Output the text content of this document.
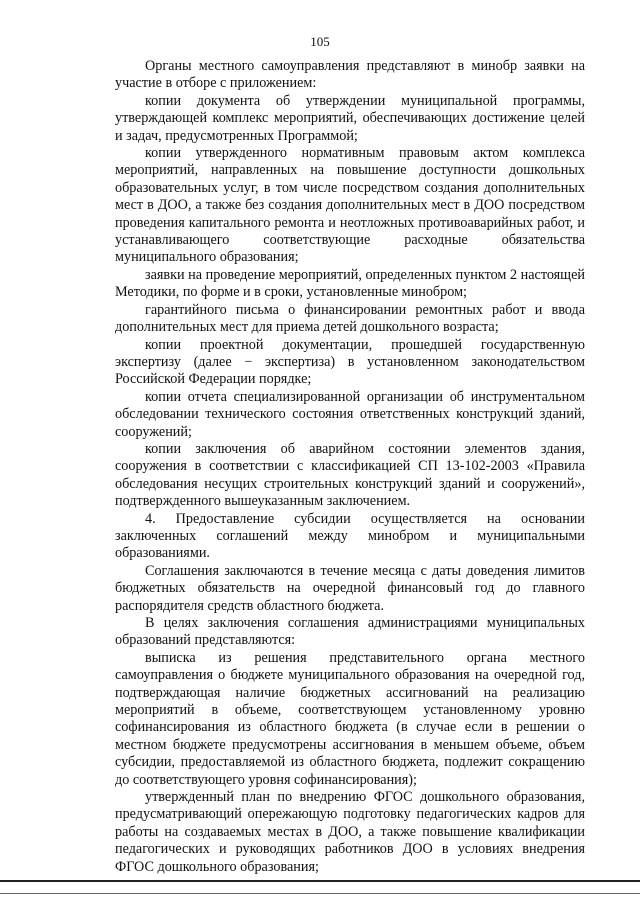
105

Органы местного самоуправления представляют в минобр заявки на участие в отборе с приложением:

копии документа об утверждении муниципальной программы, утверждающей комплекс мероприятий, обеспечивающих достижение целей и задач, предусмотренных Программой;

копии утвержденного нормативным правовым актом комплекса мероприятий, направленных на повышение доступности дошкольных образовательных услуг, в том числе посредством создания дополнительных мест в ДОО, а также без создания дополнительных мест в ДОО посредством проведения капитального ремонта и неотложных противоаварийных работ, и устанавливающего соответствующие расходные обязательства муниципального образования;

заявки на проведение мероприятий, определенных пунктом 2 настоящей Методики, по форме и в сроки, установленные минобром;

гарантийного письма о финансировании ремонтных работ и ввода дополнительных мест для приема детей дошкольного возраста;

копии проектной документации, прошедшей государственную экспертизу (далее − экспертиза) в установленном законодательством Российской Федерации порядке;

копии отчета специализированной организации об инструментальном обследовании технического состояния ответственных конструкций зданий, сооружений;

копии заключения об аварийном состоянии элементов здания, сооружения в соответствии с классификацией СП 13-102-2003 «Правила обследования несущих строительных конструкций зданий и сооружений», подтвержденного вышеуказанным заключением.

4. Предоставление субсидии осуществляется на основании заключенных соглашений между минобром и муниципальными образованиями.

Соглашения заключаются в течение месяца с даты доведения лимитов бюджетных обязательств на очередной финансовый год до главного распорядителя средств областного бюджета.

В целях заключения соглашения администрациями муниципальных образований представляются:

выписка из решения представительного органа местного самоуправления о бюджете муниципального образования на очередной год, подтверждающая наличие бюджетных ассигнований на реализацию мероприятий в объеме, соответствующем установленному уровню софинансирования из областного бюджета (в случае если в решении о местном бюджете предусмотрены ассигнования в меньшем объеме, объем субсидии, предоставляемой из областного бюджета, подлежит сокращению до соответствующего уровня софинансирования);

утвержденный план по внедрению ФГОС дошкольного образования, предусматривающий опережающую подготовку педагогических кадров для работы на создаваемых местах в ДОО, а также повышение квалификации педагогических и руководящих работников ДОО в условиях внедрения ФГОС дошкольного образования;
